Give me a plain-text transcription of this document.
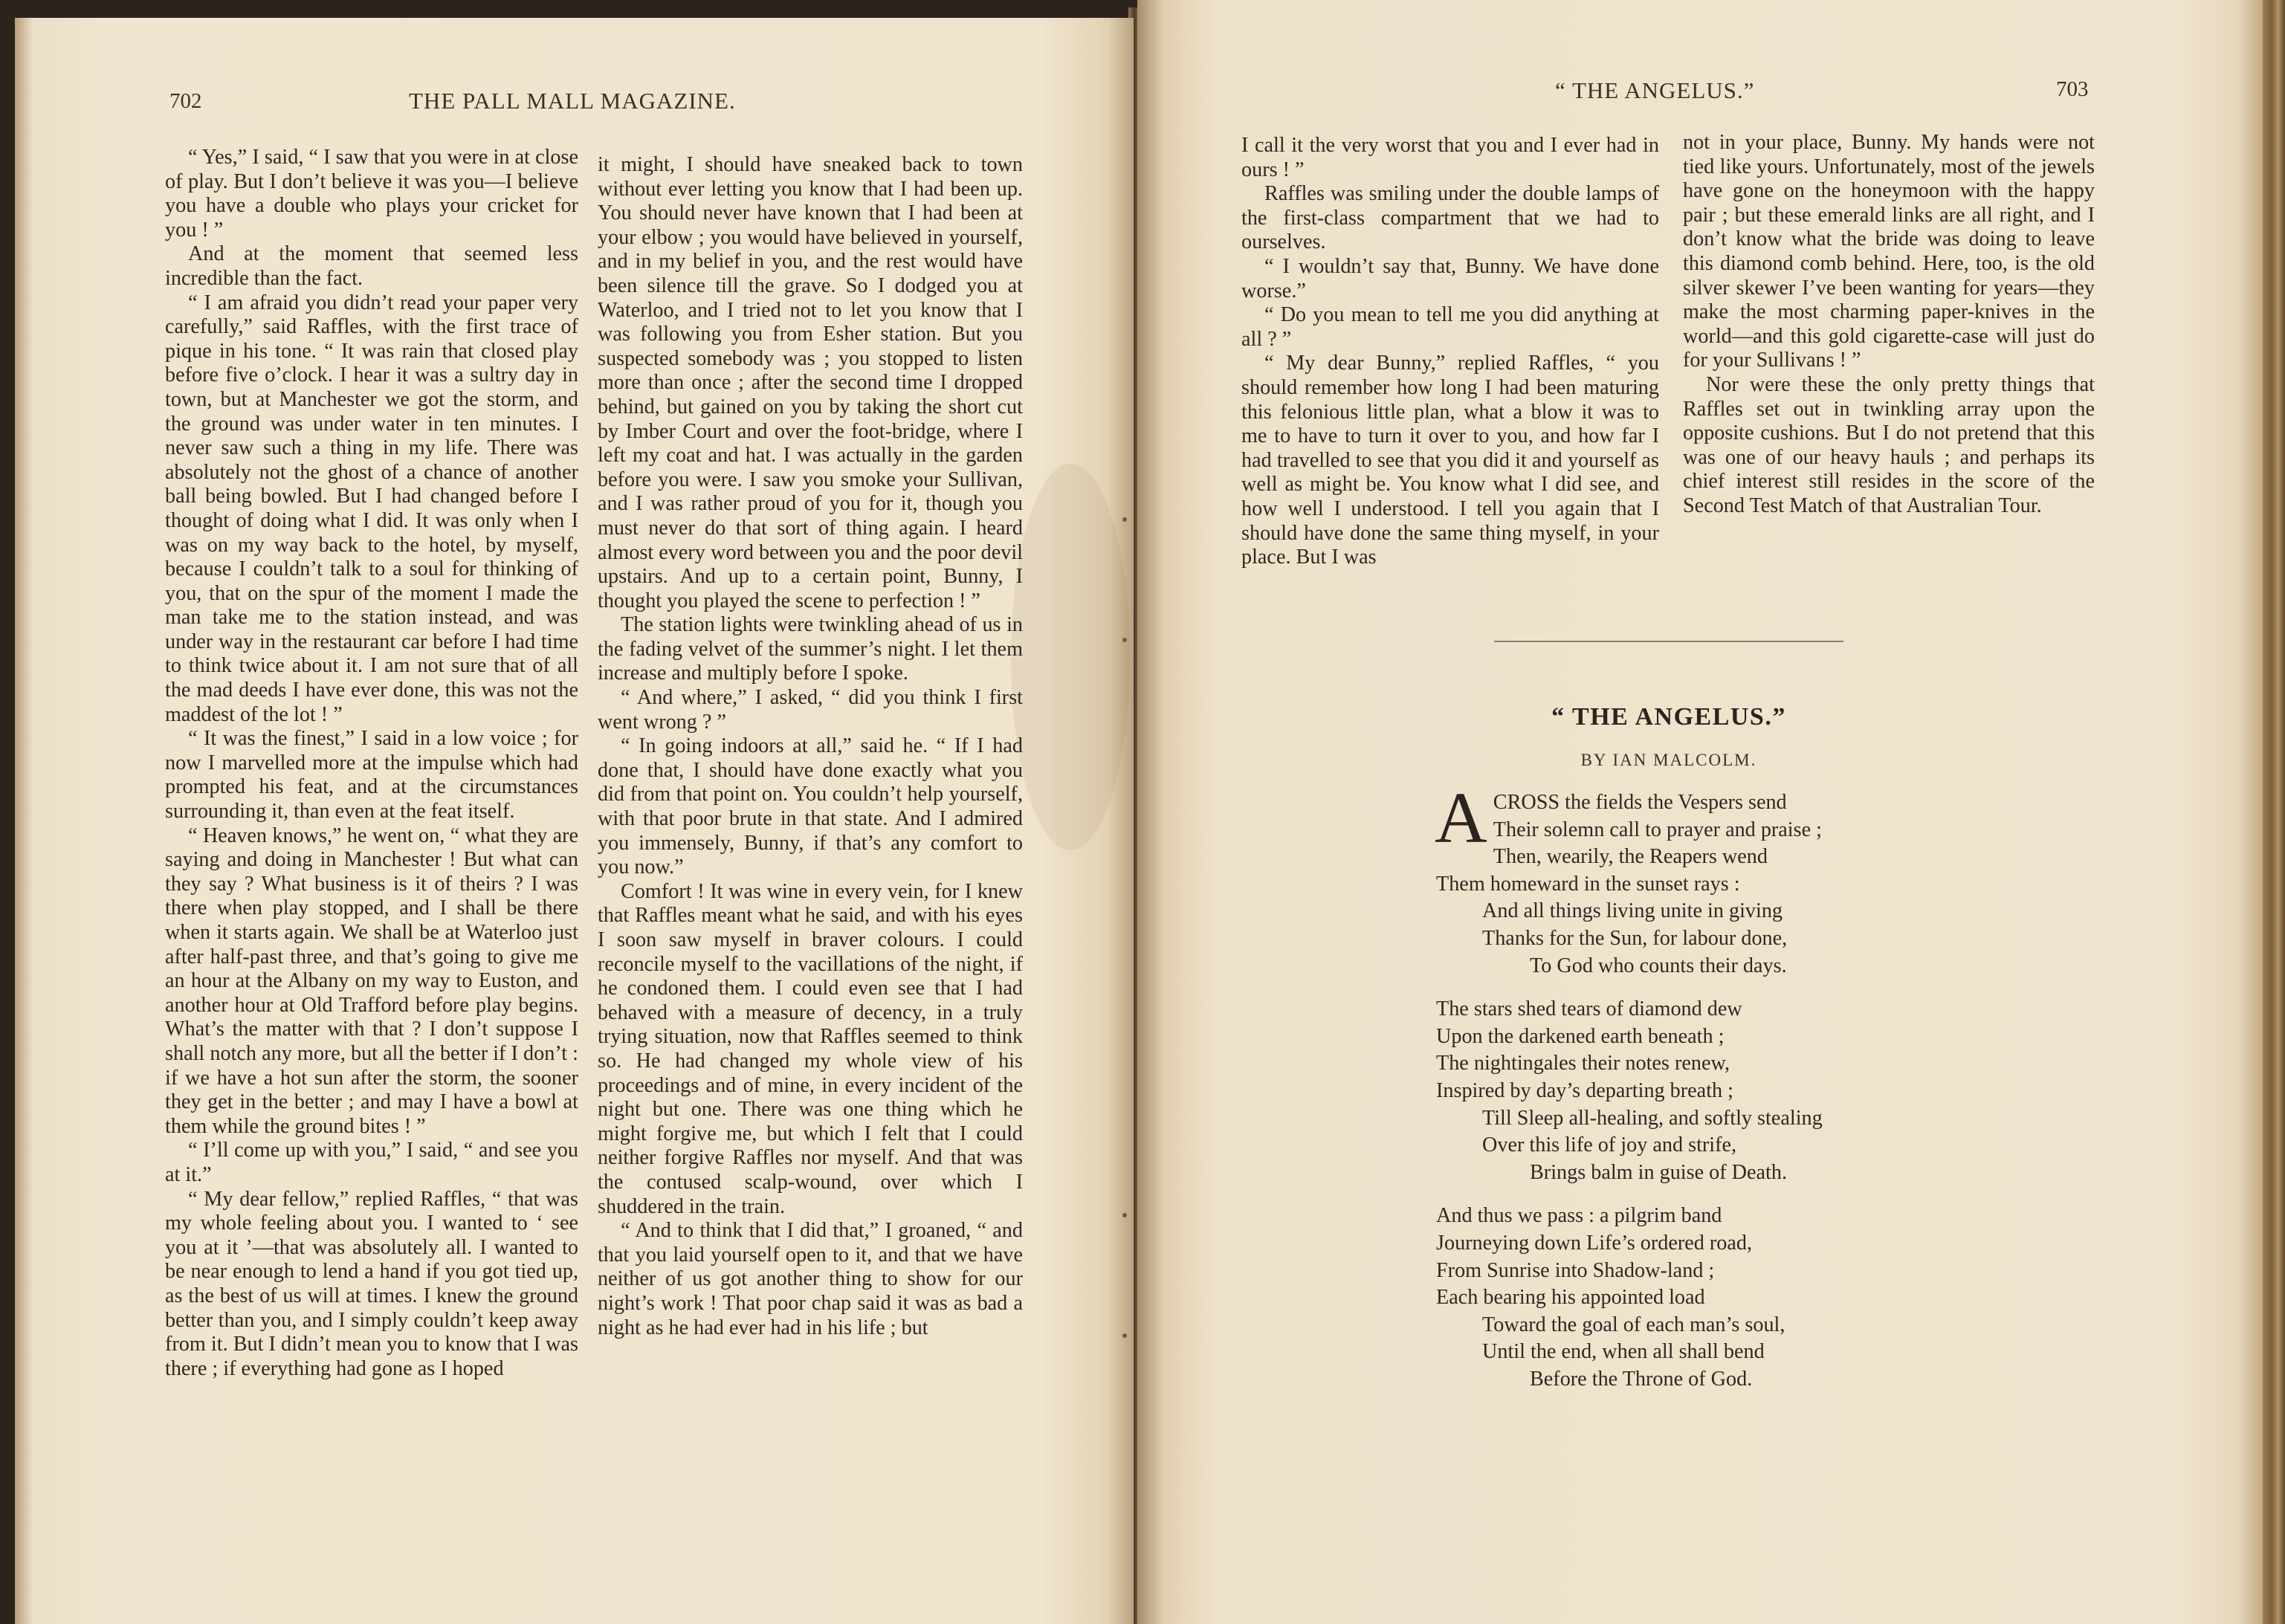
702	THE PALL MALL MAGAZINE.

“ Yes,” I said, “ I saw that you were in at close of play. But I don’t believe it was you—I believe you have a double who plays your cricket for you ! ”

And at the moment that seemed less incredible than the fact.

“ I am afraid you didn’t read your paper very carefully,” said Raffles, with the first trace of pique in his tone. “ It was rain that closed play before five o’clock. I hear it was a sultry day in town, but at Manchester we got the storm, and the ground was under water in ten minutes. I never saw such a thing in my life. There was absolutely not the ghost of a chance of another ball being bowled. But I had changed before I thought of doing what I did. It was only when I was on my way back to the hotel, by myself, because I couldn’t talk to a soul for thinking of you, that on the spur of the moment I made the man take me to the station instead, and was under way in the restaurant car before I had time to think twice about it. I am not sure that of all the mad deeds I have ever done, this was not the maddest of the lot ! ”

“ It was the finest,” I said in a low voice ; for now I marvelled more at the impulse which had prompted his feat, and at the circumstances surrounding it, than even at the feat itself.

“ Heaven knows,” he went on, “ what they are saying and doing in Manchester ! But what can they say ? What business is it of theirs ? I was there when play stopped, and I shall be there when it starts again. We shall be at Waterloo just after half-past three, and that’s going to give me an hour at the Albany on my way to Euston, and another hour at Old Trafford before play begins. What’s the matter with that ? I don’t suppose I shall notch any more, but all the better if I don’t : if we have a hot sun after the storm, the sooner they get in the better ; and may I have a bowl at them while the ground bites ! ”

“ I’ll come up with you,” I said, “ and see you at it.”

“ My dear fellow,” replied Raffles, “ that was my whole feeling about you. I wanted to ‘ see you at it ’—that was absolutely all. I wanted to be near enough to lend a hand if you got tied up, as the best of us will at times. I knew the ground better than you, and I simply couldn’t keep away from it. But I didn’t mean you to know that I was there ; if everything had gone as I hoped

it might, I should have sneaked back to town without ever letting you know that I had been up. You should never have known that I had been at your elbow ; you would have believed in yourself, and in my belief in you, and the rest would have been silence till the grave. So I dodged you at Waterloo, and I tried not to let you know that I was following you from Esher station. But you suspected somebody was ; you stopped to listen more than once ; after the second time I dropped behind, but gained on you by taking the short cut by Imber Court and over the foot-bridge, where I left my coat and hat. I was actually in the garden before you were. I saw you smoke your Sullivan, and I was rather proud of you for it, though you must never do that sort of thing again. I heard almost every word between you and the poor devil upstairs. And up to a certain point, Bunny, I thought you played the scene to perfection ! ”

The station lights were twinkling ahead of us in the fading velvet of the summer’s night. I let them increase and multiply before I spoke.

“ And where,” I asked, “ did you think I first went wrong ? ”

“ In going indoors at all,” said he. “ If I had done that, I should have done exactly what you did from that point on. You couldn’t help yourself, with that poor brute in that state. And I admired you immensely, Bunny, if that’s any comfort to you now.”

Comfort ! It was wine in every vein, for I knew that Raffles meant what he said, and with his eyes I soon saw myself in braver colours. I could reconcile myself to the vacillations of the night, if he condoned them. I could even see that I had behaved with a measure of decency, in a truly trying situation, now that Raffles seemed to think so. He had changed my whole view of his proceedings and of mine, in every incident of the night but one. There was one thing which he might forgive me, but which I felt that I could neither forgive Raffles nor myself. And that was the contused scalp-wound, over which I shuddered in the train.

“ And to think that I did that,” I groaned, “ and that you laid yourself open to it, and that we have neither of us got another thing to show for our night’s work ! That poor chap said it was as bad a night as he had ever had in his life ; but

“ THE ANGELUS.”	703

I call it the very worst that you and I ever had in ours ! ”

Raffles was smiling under the double lamps of the first-class compartment that we had to ourselves.

“ I wouldn’t say that, Bunny. We have done worse.”

“ Do you mean to tell me you did anything at all ? ”

“ My dear Bunny,” replied Raffles, “ you should remember how long I had been maturing this felonious little plan, what a blow it was to me to have to turn it over to you, and how far I had travelled to see that you did it and yourself as well as might be. You know what I did see, and how well I understood. I tell you again that I should have done the same thing myself, in your place. But I was

not in your place, Bunny. My hands were not tied like yours. Unfortunately, most of the jewels have gone on the honeymoon with the happy pair ; but these emerald links are all right, and I don’t know what the bride was doing to leave this diamond comb behind. Here, too, is the old silver skewer I’ve been wanting for years—they make the most charming paper-knives in the world—and this gold cigarette-case will just do for your Sullivans ! ”

Nor were these the only pretty things that Raffles set out in twinkling array upon the opposite cushions. But I do not pretend that this was one of our heavy hauls ; and perhaps its chief interest still resides in the score of the Second Test Match of that Australian Tour.

“ THE ANGELUS.”
BY IAN MALCOLM.
ACROSS the fields the Vespers send
Their solemn call to prayer and praise ;
Then, wearily, the Reapers wend
Them homeward in the sunset rays :
And all things living unite in giving
Thanks for the Sun, for labour done,
To God who counts their days.
The stars shed tears of diamond dew
Upon the darkened earth beneath ;
The nightingales their notes renew,
Inspired by day’s departing breath ;
Till Sleep all-healing, and softly stealing
Over this life of joy and strife,
Brings balm in guise of Death.
And thus we pass : a pilgrim band
Journeying down Life’s ordered road,
From Sunrise into Shadow-land ;
Each bearing his appointed load
Toward the goal of each man’s soul,
Until the end, when all shall bend
Before the Throne of God.
